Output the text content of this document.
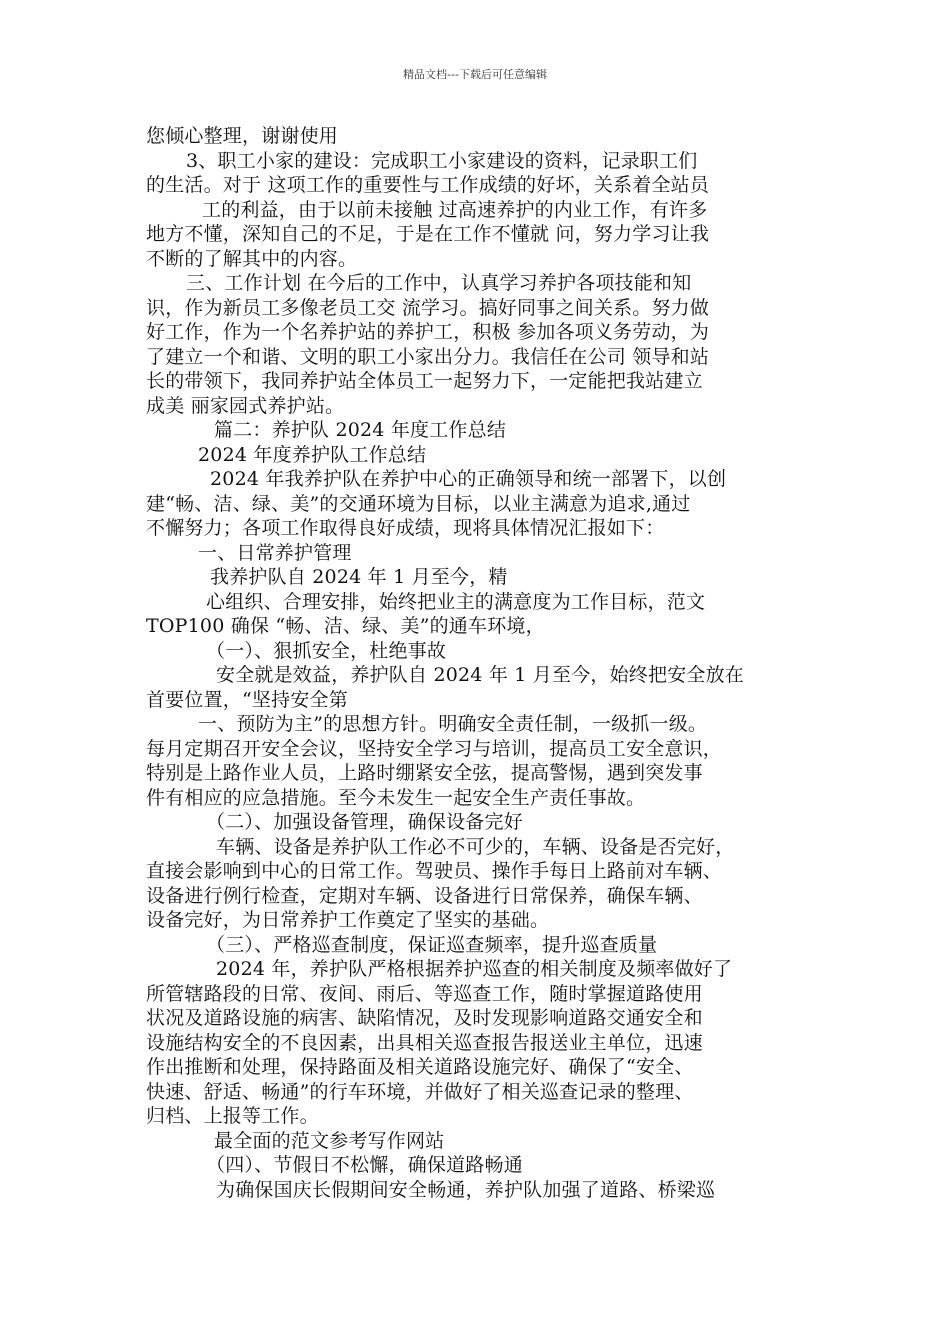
精品文档---下载后可任意编辑
您倾心整理，谢谢使用
3、职工小家的建设：完成职工小家建设的资料，记录职工们
的生活。对于 这项工作的重要性与工作成绩的好坏，关系着全站员
工的利益，由于以前未接触 过高速养护的内业工作，有许多
地方不懂，深知自己的不足，于是在工作不懂就 问，努力学习让我
不断的了解其中的内容。
三、工作计划 在今后的工作中，认真学习养护各项技能和知
识，作为新员工多像老员工交 流学习。搞好同事之间关系。努力做
好工作，作为一个名养护站的养护工，积极 参加各项义务劳动，为
了建立一个和谐、文明的职工小家出分力。我信任在公司 领导和站
长的带领下，我同养护站全体员工一起努力下，一定能把我站建立
成美 丽家园式养护站。
篇二：养护队 2024 年度工作总结
2024 年度养护队工作总结
2024 年我养护队在养护中心的正确领导和统一部署下，以创
建“畅、洁、绿、美”的交通环境为目标，以业主满意为追求,通过
不懈努力；各项工作取得良好成绩，现将具体情况汇报如下：
一、日常养护管理
我养护队自 2024 年 1 月至今，精
心组织、合理安排，始终把业主的满意度为工作目标，范文
TOP100 确保 “畅、洁、绿、美”的通车环境，
（一）、狠抓安全，杜绝事故
安全就是效益，养护队自 2024 年 1 月至今，始终把安全放在
首要位置，“坚持安全第
一、预防为主”的思想方针。明确安全责任制，一级抓一级。
每月定期召开安全会议，坚持安全学习与培训，提高员工安全意识，
特别是上路作业人员，上路时绷紧安全弦，提高警惕，遇到突发事
件有相应的应急措施。至今未发生一起安全生产责任事故。
（二）、加强设备管理，确保设备完好
车辆、设备是养护队工作必不可少的，车辆、设备是否完好，
直接会影响到中心的日常工作。驾驶员、操作手每日上路前对车辆、
设备进行例行检查，定期对车辆、设备进行日常保养，确保车辆、
设备完好，为日常养护工作奠定了坚实的基础。
（三）、严格巡查制度，保证巡查频率，提升巡查质量
2024 年，养护队严格根据养护巡查的相关制度及频率做好了
所管辖路段的日常、夜间、雨后、等巡查工作，随时掌握道路使用
状况及道路设施的病害、缺陷情况，及时发现影响道路交通安全和
设施结构安全的不良因素，出具相关巡查报告报送业主单位，迅速
作出推断和处理，保持路面及相关道路设施完好、确保了“安全、
快速、舒适、畅通”的行车环境，并做好了相关巡查记录的整理、
归档、上报等工作。
最全面的范文参考写作网站
（四）、节假日不松懈，确保道路畅通
为确保国庆长假期间安全畅通，养护队加强了道路、桥梁巡
